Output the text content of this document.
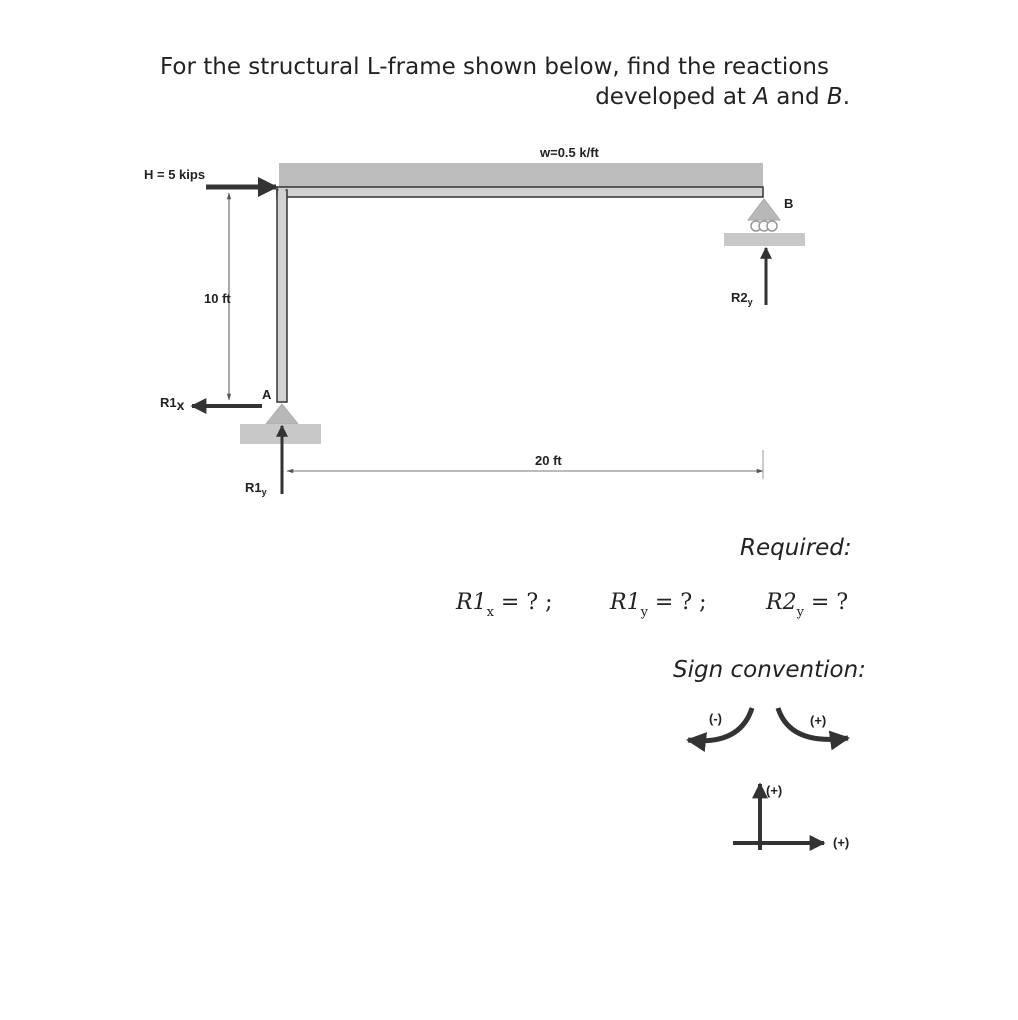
For the structural L-frame shown below, find the reactions
developed at A and B.
w=0.5 k/ft
H = 5 kips
10 ft
A
R1x
$R1_y$
B
$R2_y$
20 ft
Required:
$R1_x$ = ? ;	$R1_y$ = ? ;	$R2_y$ = ?
Sign convention:
(-)	(+)
(+)
(+)
